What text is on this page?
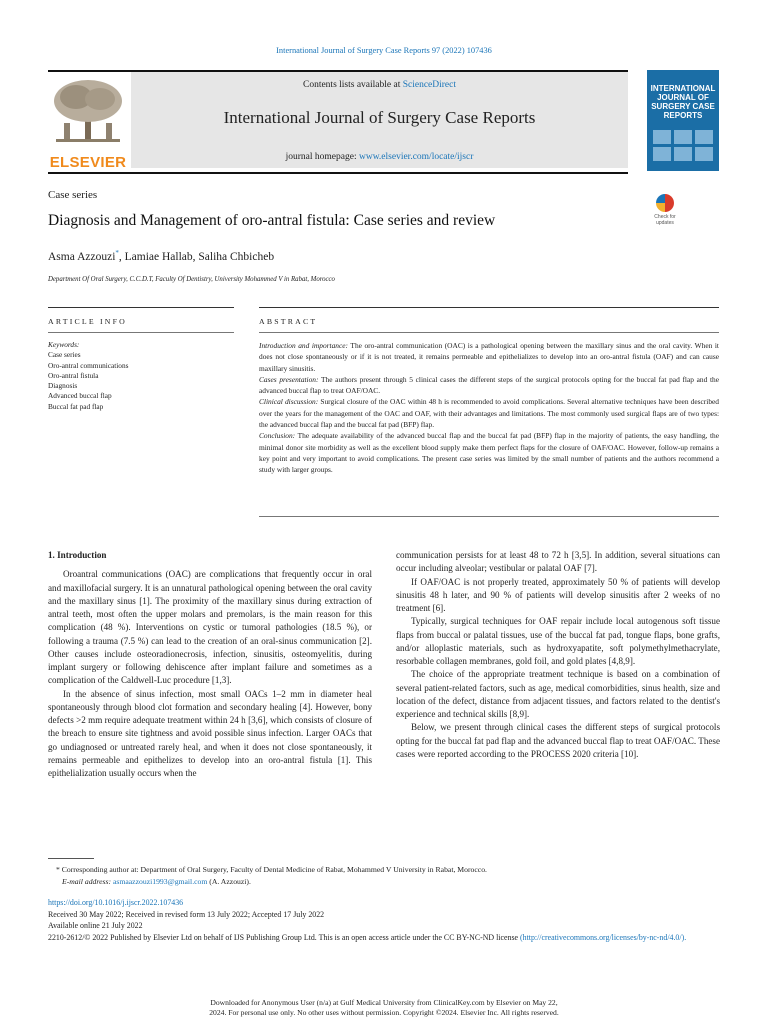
International Journal of Surgery Case Reports 97 (2022) 107436
ELSEVIER
Contents lists available at ScienceDirect
International Journal of Surgery Case Reports
journal homepage: www.elsevier.com/locate/ijscr
INTERNATIONAL JOURNAL OF SURGERY CASE REPORTS
Case series
Diagnosis and Management of oro-antral fistula: Case series and review	Check for updates
Asma Azzouzi*, Lamiae Hallab, Saliha Chbicheb
Department Of Oral Surgery, C.C.D.T, Faculty Of Dentistry, University Mohammed V in Rabat, Morocco
ARTICLE INFO	ABSTRACT
Keywords:
Case series
Oro-antral communications
Oro-antral fistula
Diagnosis
Advanced buccal flap
Buccal fat pad flap
Introduction and importance: The oro-antral communication (OAC) is a pathological opening between the maxillary sinus and the oral cavity. When it does not close spontaneously or if it is not treated, it remains permeable and epithelializes to develop into an oro-antral fistula (OAF) and can cause maxillary sinusitis.
Cases presentation: The authors present through 5 clinical cases the different steps of the surgical protocols opting for the buccal fat pad flap and the advanced buccal flap to treat OAF/OAC.
Clinical discussion: Surgical closure of the OAC within 48 h is recommended to avoid complications. Several alternative techniques have been described over the years for the management of the OAC and OAF, with their advantages and limitations. The most commonly used surgical flaps are of two types: the advanced buccal flap and the buccal fat pad (BFP) flap.
Conclusion: The adequate availability of the advanced buccal flap and the buccal fat pad (BFP) flap in the majority of patients, the easy handling, the minimal donor site morbidity as well as the excellent blood supply make them perfect flaps for the closure of OAF/OAC. However, follow-up remains a key point and very important to avoid complications. The present case series was limited by the small number of patients and the authors recommend a study with larger groups.
1. Introduction

Oroantral communications (OAC) are complications that frequently occur in oral and maxillofacial surgery. It is an unnatural pathological opening between the oral cavity and the maxillary sinus [1]. The proximity of the maxillary sinus during extraction of antral teeth, most often the upper molars and premolars, is the main reason for this complication (48 %). Interventions on cystic or tumoral pathologies (18.5 %), or following a trauma (7.5 %) can lead to the creation of an oral-sinus communication [2]. Other causes include osteoradionecrosis, infection, sinusitis, osteomyelitis, during implant surgery or following dehiscence after implant failure and sometimes as a complication of the Caldwell-Luc procedure [1,3].

In the absence of sinus infection, most small OACs 1–2 mm in diameter heal spontaneously through blood clot formation and secondary healing [4]. However, bony defects >2 mm require adequate treatment within 24 h [3,6], which consists of closure of the breach to ensure site tightness and avoid possible sinus infection. Larger OACs that go undiagnosed or untreated rarely heal, and when it does not close spontaneously, it remains permeable and epithelizes to develop into an oro-antral fistula [1]. This epithelialization usually occurs when the

communication persists for at least 48 to 72 h [3,5]. In addition, several situations can occur including alveolar; vestibular or palatal OAF [7].

If OAF/OAC is not properly treated, approximately 50 % of patients will develop sinusitis 48 h later, and 90 % of patients will develop sinusitis after 2 weeks of no treatment [6].

Typically, surgical techniques for OAF repair include local autogenous soft tissue flaps from buccal or palatal tissues, use of the buccal fat pad, tongue flaps, bone grafts, and/or alloplastic materials, such as hydroxyapatite, soft polymethylmethacrylate, resorbable collagen membranes, gold foil, and gold plates [4,8,9].

The choice of the appropriate treatment technique is based on a combination of several patient-related factors, such as age, medical comorbidities, sinus health, size and location of the defect, distance from adjacent tissues, and factors related to the dentist's experience and technical skills [8,9].

Below, we present through clinical cases the different steps of surgical protocols opting for the buccal fat pad flap and the advanced buccal flap to treat OAF/OAC. These cases were reported according to the PROCESS 2020 criteria [10].

* Corresponding author at: Department of Oral Surgery, Faculty of Dental Medicine of Rabat, Mohammed V University in Rabat, Morocco.
E-mail address: asmaazzouzi1993@gmail.com (A. Azzouzi).
https://doi.org/10.1016/j.ijscr.2022.107436
Received 30 May 2022; Received in revised form 13 July 2022; Accepted 17 July 2022
Available online 21 July 2022
2210-2612/© 2022 Published by Elsevier Ltd on behalf of IJS Publishing Group Ltd. This is an open access article under the CC BY-NC-ND license (http://creativecommons.org/licenses/by-nc-nd/4.0/).
Downloaded for Anonymous User (n/a) at Gulf Medical University from ClinicalKey.com by Elsevier on May 22,
2024. For personal use only. No other uses without permission. Copyright ©2024. Elsevier Inc. All rights reserved.
